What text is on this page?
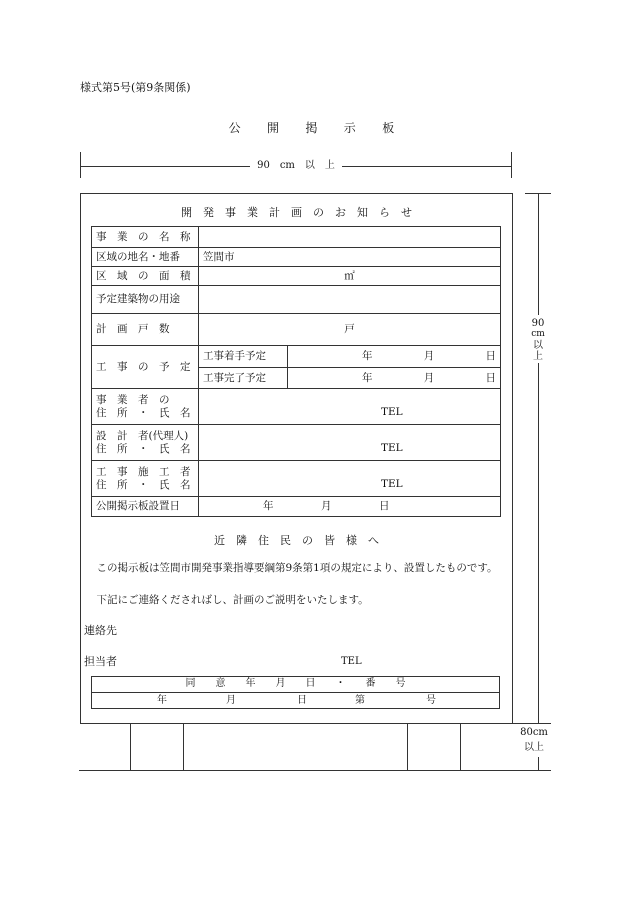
様式第5号(第9条関係)
公　開　掲　示　板
90　cm　以　上
開　発　事　業　計　画　の　お　知　ら　せ
事　業　の　名　称		
区域の地名・地番	笠間市	
区　域　の　面　積	㎡	
予定建築物の用途		
計　画　戸　数	戸	
工　事　の　予　定	工事着手予定	年 月 日

	工事完了予定	年 月 日

事　業　者　の
住　所　・　氏　名	TEL	

設　計　者(代理人)
住　所　・　氏　名	TEL	

工　事　施　工　者
住　所　・　氏　名	TEL	

公開掲示板設置日	年 月 日	
近　隣　住　民　の　皆　様　へ
この掲示板は笠間市開発事業指導要綱第9条第1項の規定により、設置したものです。
下記にご連絡くださればし、計画のご説明をいたします。
連絡先
担当者	TEL
同　　意　　年　　月　　日　　・　　番　　号
年	月	日	第	号
90
cm
以
上
80cm
以上
